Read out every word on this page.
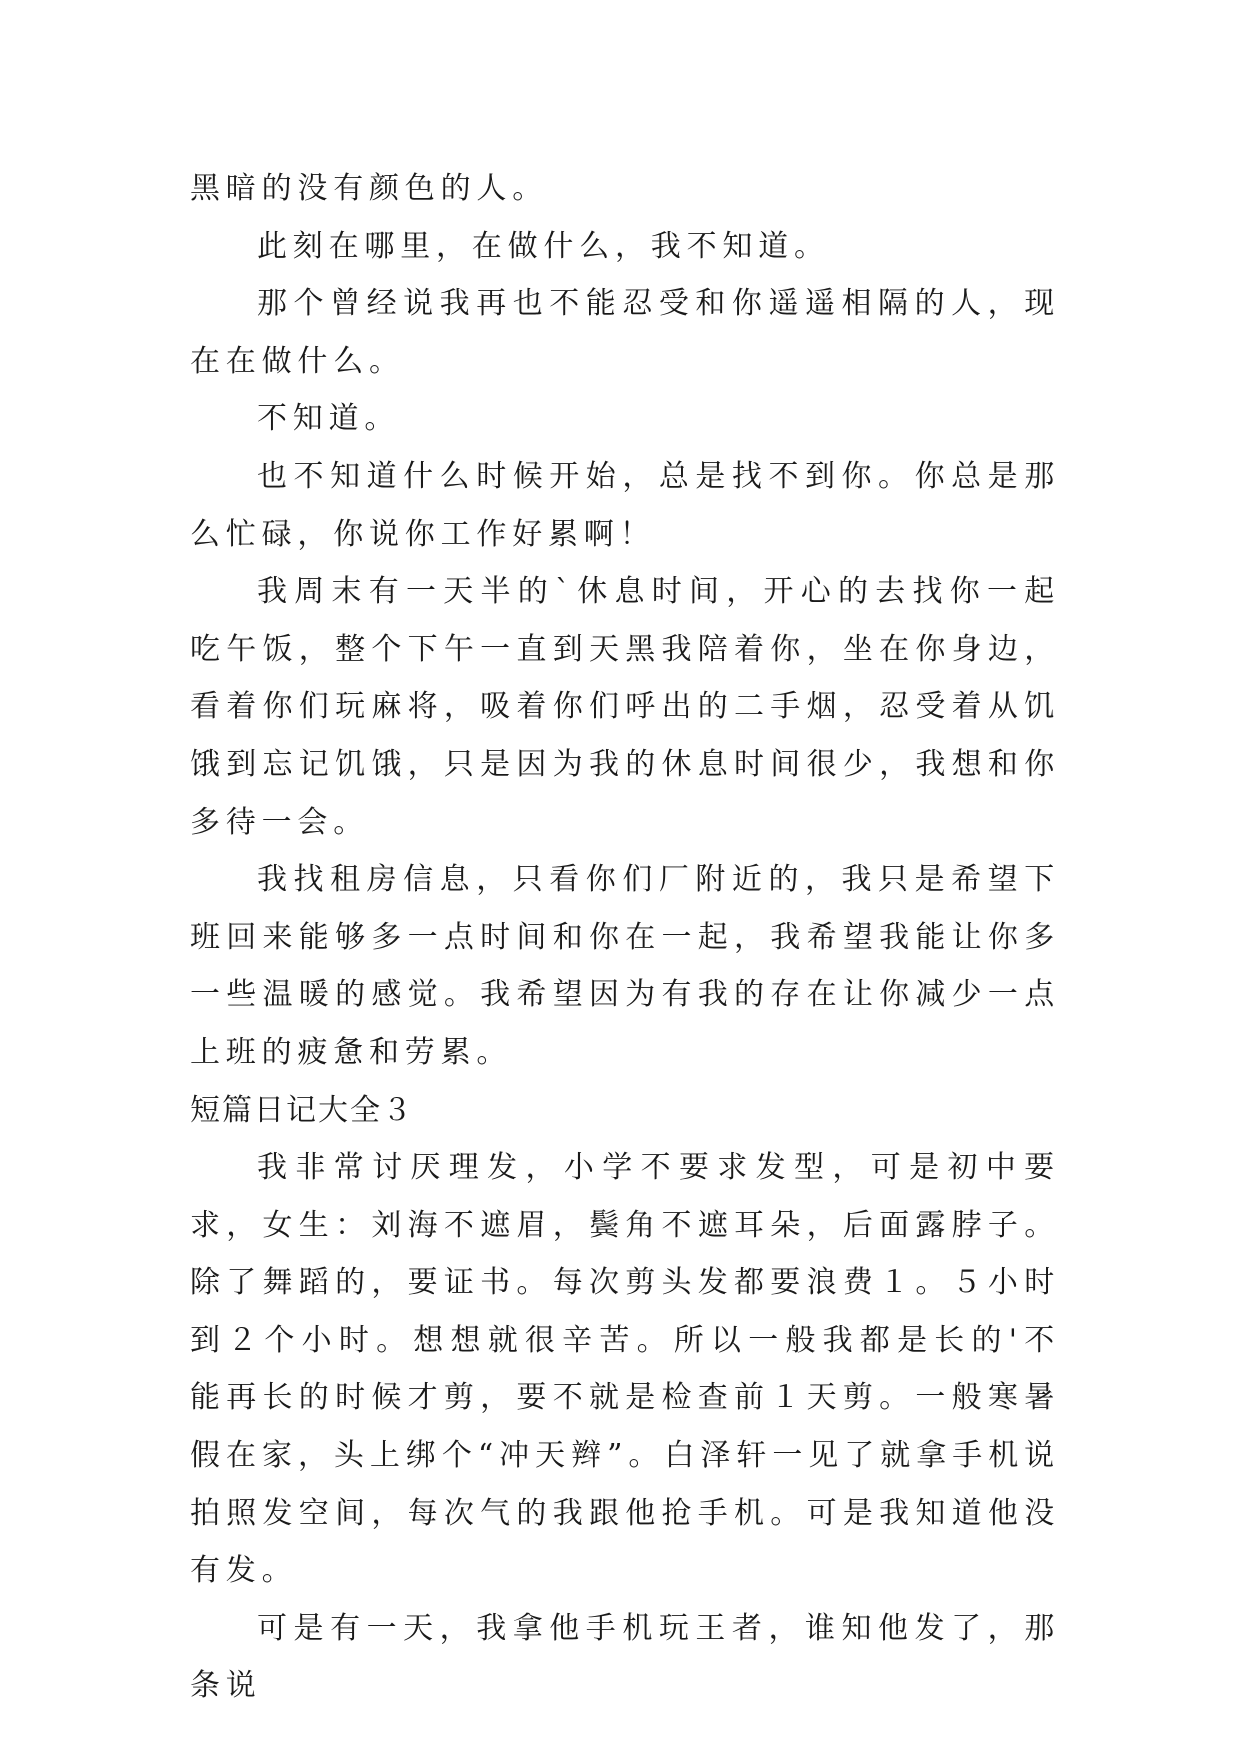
黑暗的没有颜色的人。

此刻在哪里，在做什么，我不知道。

那个曾经说我再也不能忍受和你遥遥相隔的人，现在在做什么。

不知道。

也不知道什么时候开始，总是找不到你。你总是那么忙碌，你说你工作好累啊！

我周末有一天半的`休息时间，开心的去找你一起吃午饭，整个下午一直到天黑我陪着你，坐在你身边，看着你们玩麻将，吸着你们呼出的二手烟，忍受着从饥饿到忘记饥饿，只是因为我的休息时间很少，我想和你多待一会。

我找租房信息，只看你们厂附近的，我只是希望下班回来能够多一点时间和你在一起，我希望我能让你多一些温暖的感觉。我希望因为有我的存在让你减少一点上班的疲惫和劳累。

短篇日记大全３

我非常讨厌理发，小学不要求发型，可是初中要求，女生：刘海不遮眉，鬓角不遮耳朵，后面露脖子。除了舞蹈的，要证书。每次剪头发都要浪费１。５小时到２个小时。想想就很辛苦。所以一般我都是长的'不能再长的时候才剪，要不就是检查前１天剪。一般寒暑假在家，头上绑个“冲天辫”。白泽轩一见了就拿手机说拍照发空间，每次气的我跟他抢手机。可是我知道他没有发。

可是有一天，我拿他手机玩王者，谁知他发了，那条说
